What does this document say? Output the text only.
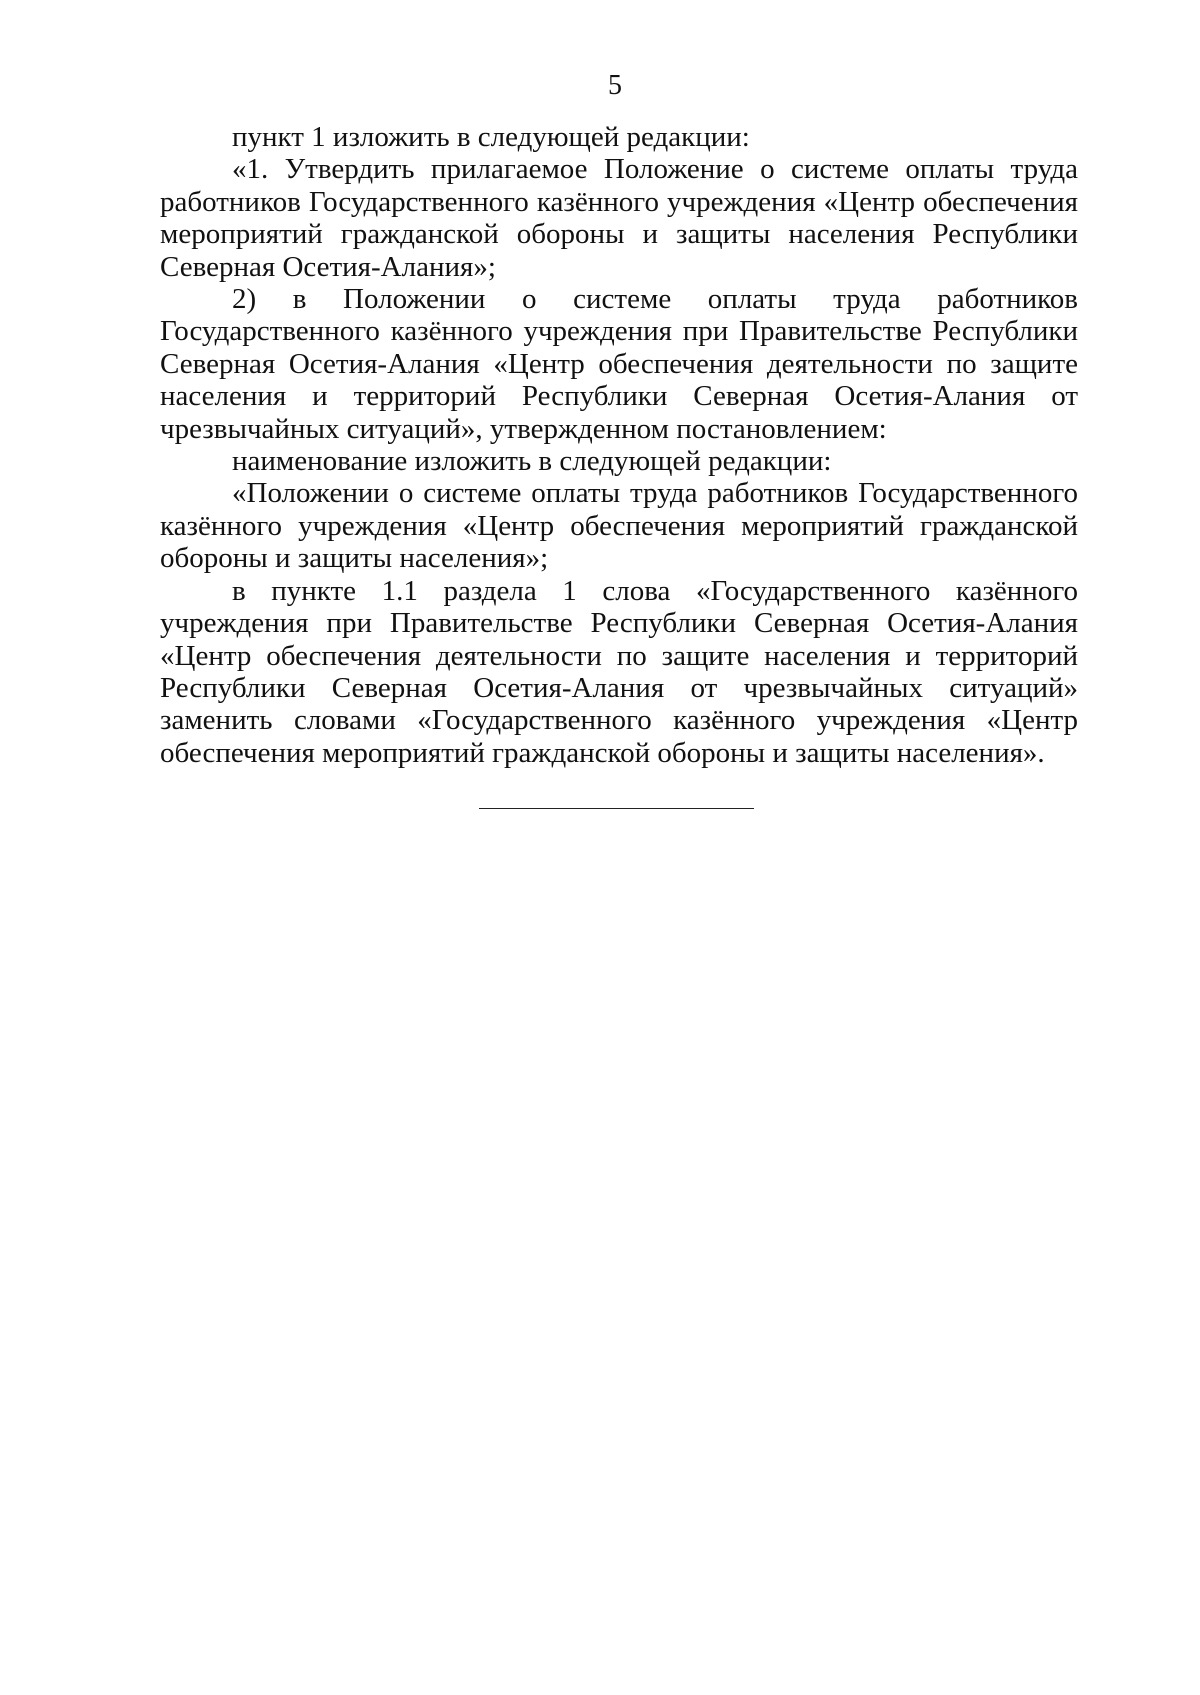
5

пункт 1 изложить в следующей редакции:

«1. Утвердить прилагаемое Положение о системе оплаты труда работников Государственного казённого учреждения «Центр обеспечения мероприятий гражданской обороны и защиты населения Республики Северная Осетия-Алания»;

2) в Положении о системе оплаты труда работников Государственного казённого учреждения при Правительстве Республики Северная Осетия-Алания «Центр обеспечения деятельности по защите населения и территорий Республики Северная Осетия-Алания от чрезвычайных ситуаций», утвержденном постановлением:

наименование изложить в следующей редакции:

«Положении о системе оплаты труда работников Государственного казённого учреждения «Центр обеспечения мероприятий гражданской обороны и защиты населения»;

в пункте 1.1 раздела 1 слова «Государственного казённого учреждения при Правительстве Республики Северная Осетия-Алания «Центр обеспечения деятельности по защите населения и территорий Республики Северная Осетия-Алания от чрезвычайных ситуаций» заменить словами «Государственного казённого учреждения «Центр обеспечения мероприятий гражданской обороны и защиты населения».
